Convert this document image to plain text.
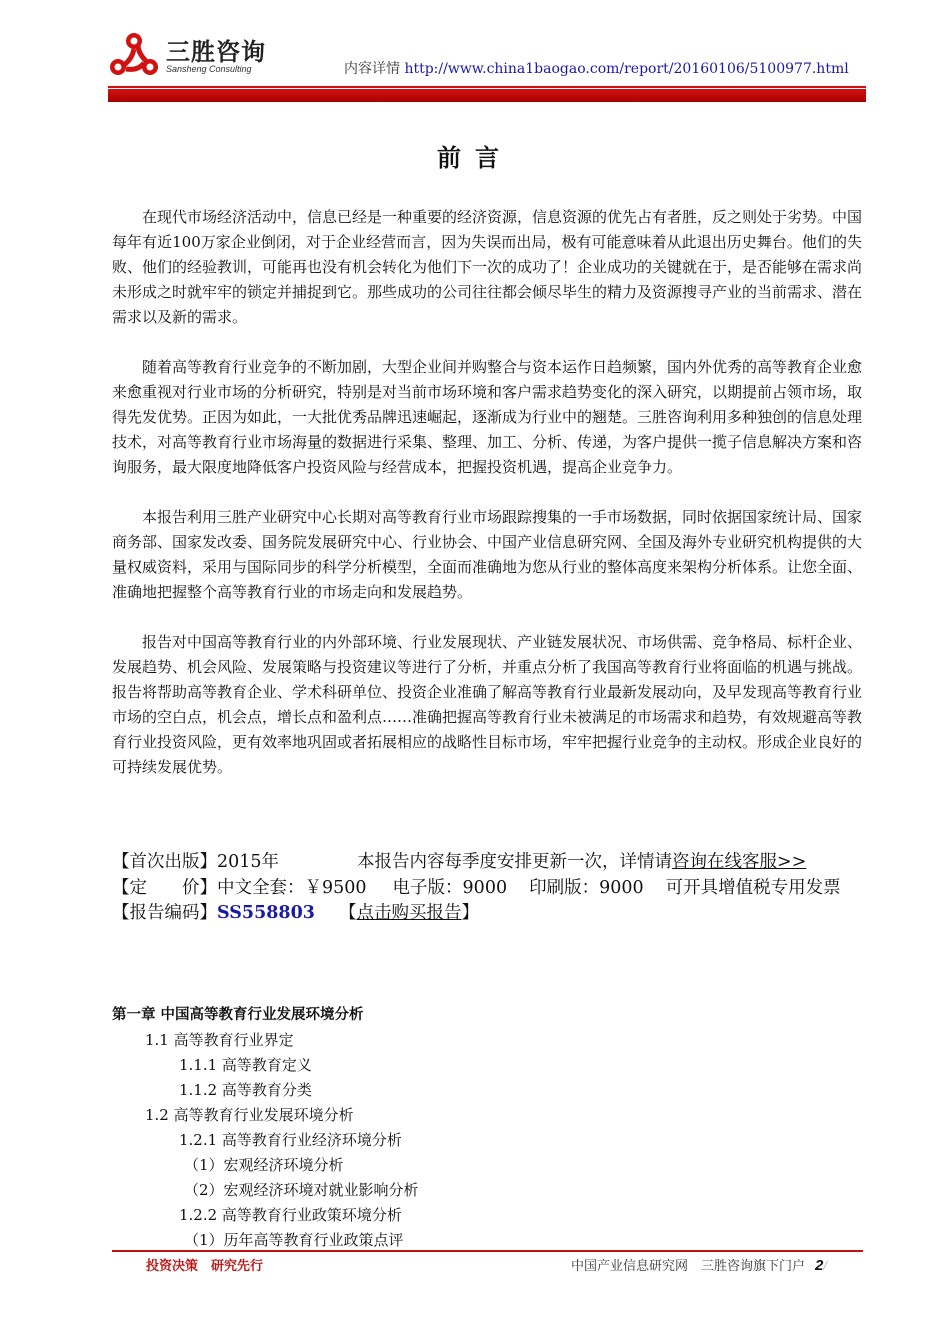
三胜咨询
Sansheng Consulting	内容详情 http://www.china1baogao.com/report/20160106/5100977.html
前言

在现代市场经济活动中，信息已经是一种重要的经济资源，信息资源的优先占有者胜，反之则处于劣势。中国每年有近100万家企业倒闭，对于企业经营而言，因为失误而出局，极有可能意味着从此退出历史舞台。他们的失败、他们的经验教训，可能再也没有机会转化为他们下一次的成功了！企业成功的关键就在于，是否能够在需求尚未形成之时就牢牢的锁定并捕捉到它。那些成功的公司往往都会倾尽毕生的精力及资源搜寻产业的当前需求、潜在需求以及新的需求。

随着高等教育行业竞争的不断加剧，大型企业间并购整合与资本运作日趋频繁，国内外优秀的高等教育企业愈来愈重视对行业市场的分析研究，特别是对当前市场环境和客户需求趋势变化的深入研究，以期提前占领市场，取得先发优势。正因为如此，一大批优秀品牌迅速崛起，逐渐成为行业中的翘楚。三胜咨询利用多种独创的信息处理技术，对高等教育行业市场海量的数据进行采集、整理、加工、分析、传递，为客户提供一揽子信息解决方案和咨询服务，最大限度地降低客户投资风险与经营成本，把握投资机遇，提高企业竞争力。

本报告利用三胜产业研究中心长期对高等教育行业市场跟踪搜集的一手市场数据，同时依据国家统计局、国家商务部、国家发改委、国务院发展研究中心、行业协会、中国产业信息研究网、全国及海外专业研究机构提供的大量权威资料，采用与国际同步的科学分析模型，全面而准确地为您从行业的整体高度来架构分析体系。让您全面、准确地把握整个高等教育行业的市场走向和发展趋势。

报告对中国高等教育行业的内外部环境、行业发展现状、产业链发展状况、市场供需、竞争格局、标杆企业、发展趋势、机会风险、发展策略与投资建议等进行了分析，并重点分析了我国高等教育行业将面临的机遇与挑战。报告将帮助高等教育企业、学术科研单位、投资企业准确了解高等教育行业最新发展动向，及早发现高等教育行业市场的空白点，机会点，增长点和盈利点……准确把握高等教育行业未被满足的市场需求和趋势，有效规避高等教育行业投资风险，更有效率地巩固或者拓展相应的战略性目标市场，牢牢把握行业竞争的主动权。形成企业良好的可持续发展优势。

【首次出版】2015年	本报告内容每季度安排更新一次，详情请咨询在线客服>>
【定　　价】中文全套：￥9500 电子版：9000 印刷版：9000 可开具增值税专用发票
【报告编码】SS558803 【点击购买报告】
第一章 中国高等教育行业发展环境分析
1.1 高等教育行业界定
1.1.1 高等教育定义
1.1.2 高等教育分类
1.2 高等教育行业发展环境分析
1.2.1 高等教育行业经济环境分析
（1）宏观经济环境分析
（2）宏观经济环境对就业影响分析
1.2.2 高等教育行业政策环境分析
（1）历年高等教育行业政策点评
投资决策　研究先行	中国产业信息研究网　三胜咨询旗下门户 2/
